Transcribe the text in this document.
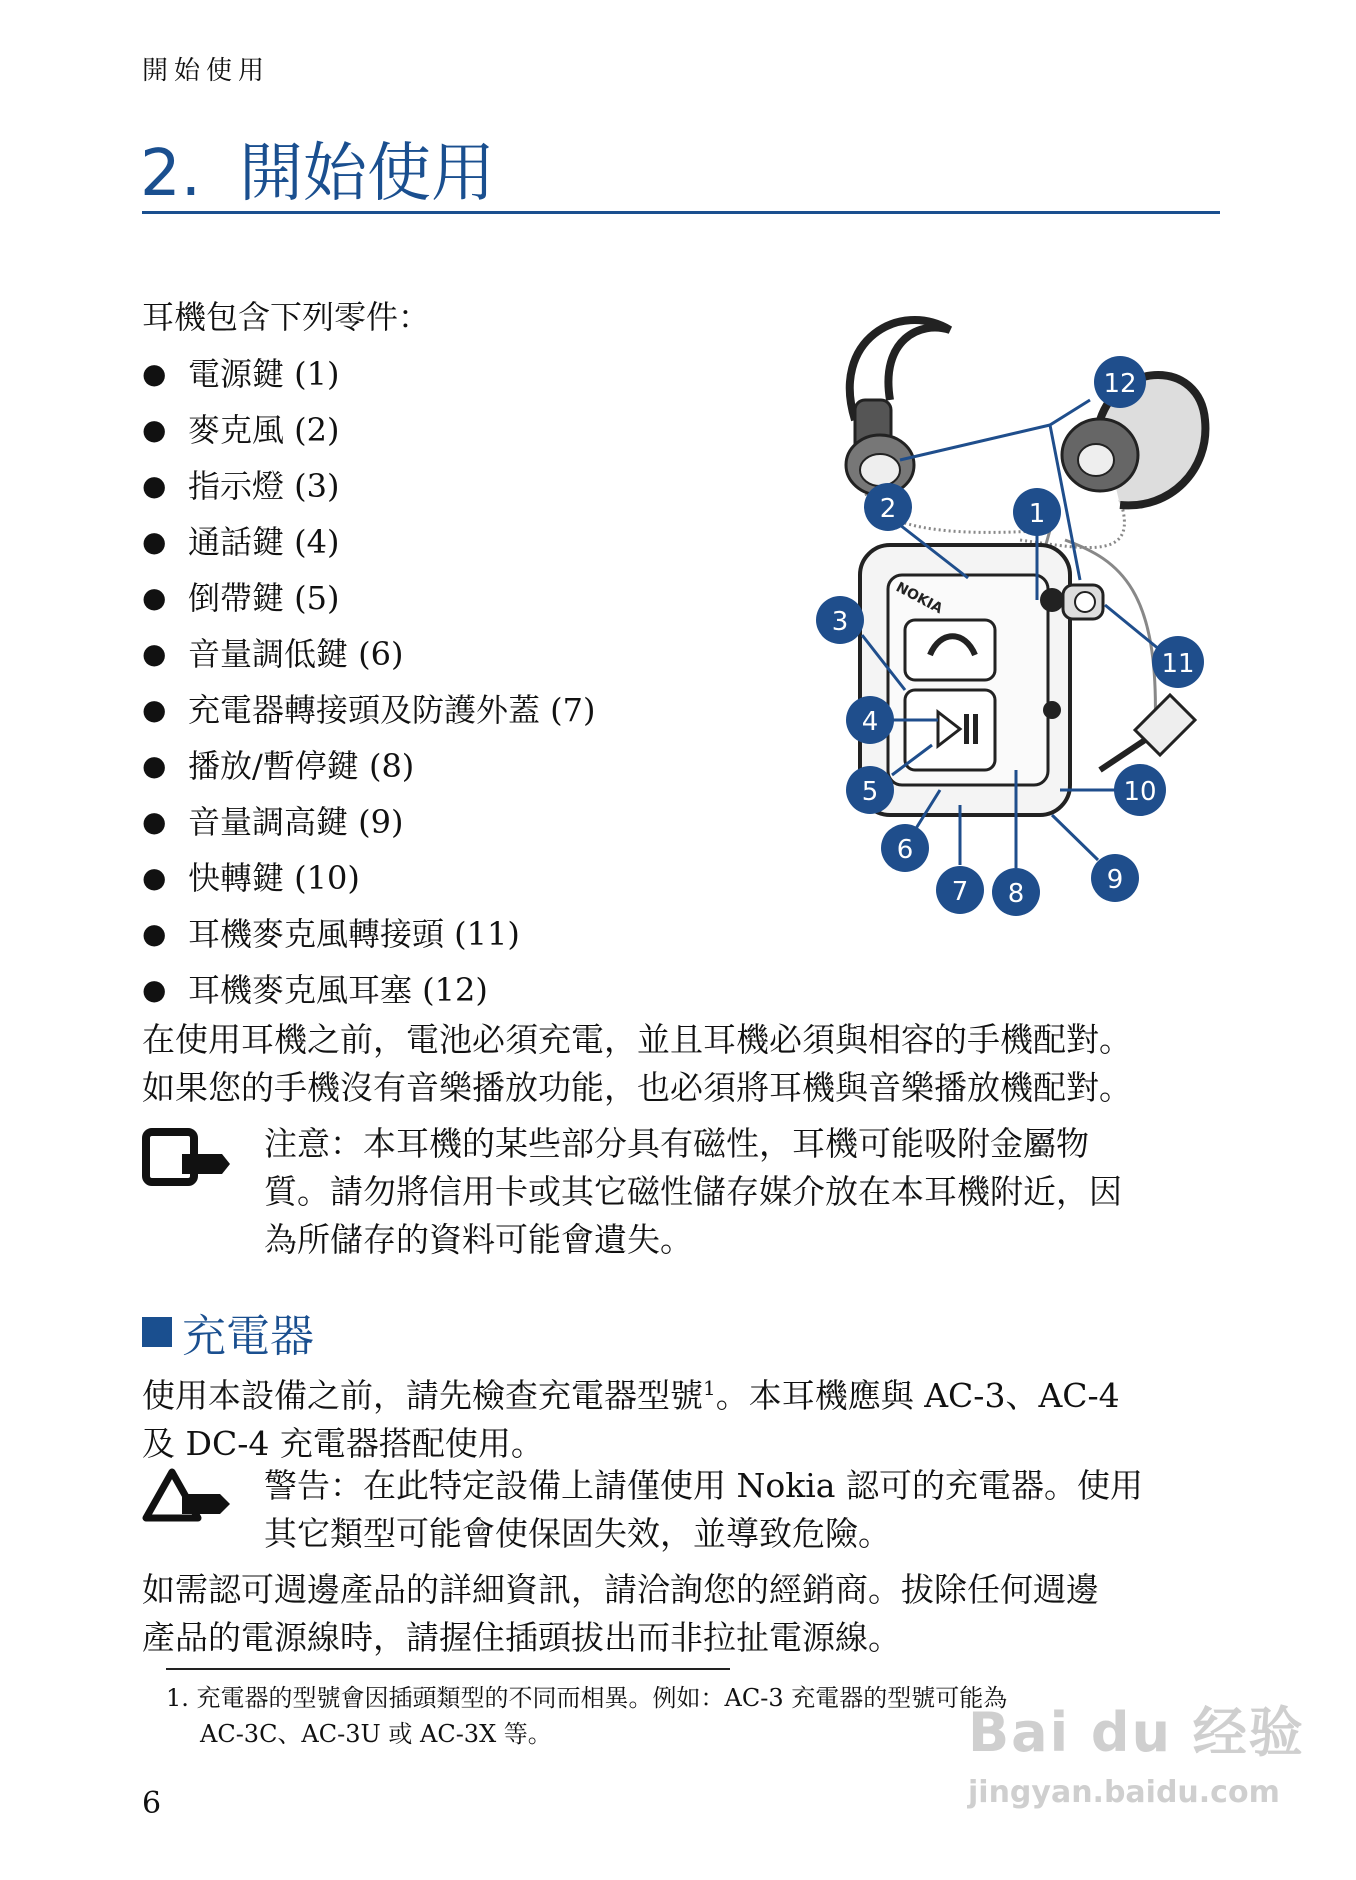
開始使用
2. 開始使用
耳機包含下列零件：
● 電源鍵 (1)
● 麥克風 (2)
● 指示燈 (3)
● 通話鍵 (4)
● 倒帶鍵 (5)
● 音量調低鍵 (6)
● 充電器轉接頭及防護外蓋 (7)
● 播放/暫停鍵 (8)
● 音量調高鍵 (9)
● 快轉鍵 (10)
● 耳機麥克風轉接頭 (11)
● 耳機麥克風耳塞 (12)
NOKIA
12
2	1
3
11
4
5	10
6
9
7 8
在使用耳機之前，電池必須充電，並且耳機必須與相容的手機配對。
如果您的手機沒有音樂播放功能，也必須將耳機與音樂播放機配對。
注意：本耳機的某些部分具有磁性，耳機可能吸附金屬物
質。請勿將信用卡或其它磁性儲存媒介放在本耳機附近，因
為所儲存的資料可能會遺失。
充電器
使用本設備之前，請先檢查充電器型號$^1$。本耳機應與 AC-3、AC-4
及 DC-4 充電器搭配使用。
警告：在此特定設備上請僅使用 Nokia 認可的充電器。使用
其它類型可能會使保固失效，並導致危險。
如需認可週邊產品的詳細資訊，請洽詢您的經銷商。拔除任何週邊
產品的電源線時，請握住插頭拔出而非拉扯電源線。
1. 充電器的型號會因插頭類型的不同而相異。例如：AC-3 充電器的型號可能為
AC-3C、AC-3U 或 AC-3X 等。	Bai du 经验
jingyan.baidu.com
6
